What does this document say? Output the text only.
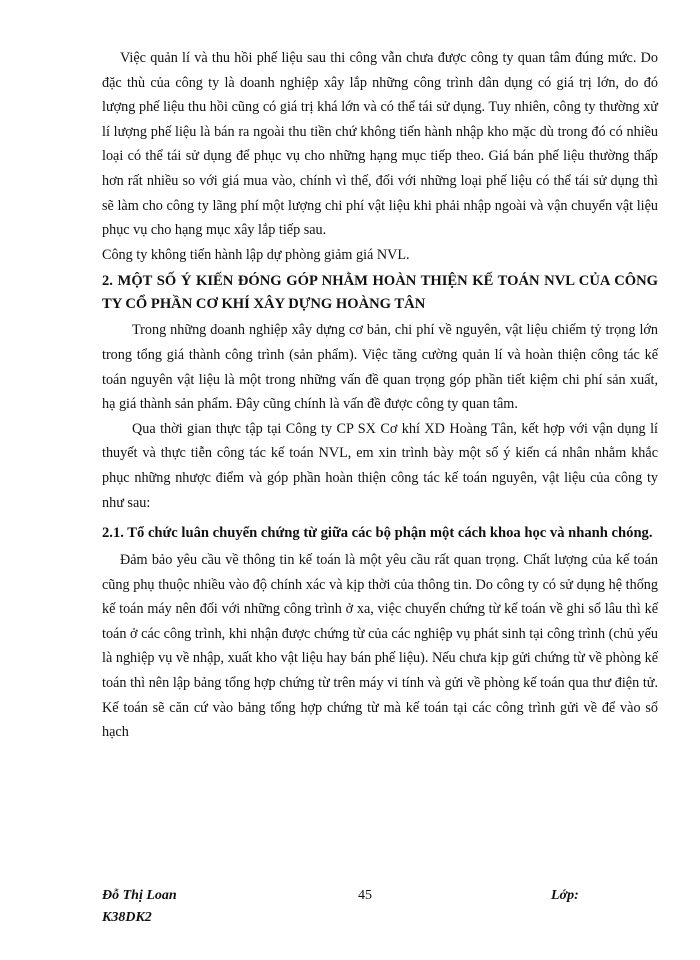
Việc quản lí và thu hồi phế liệu sau thi công vẫn chưa được công ty quan tâm đúng mức. Do đặc thù của công ty là doanh nghiệp xây lắp những công trình dân dụng có giá trị lớn, do đó lượng phế liệu thu hồi cũng có giá trị khá lớn và có thể tái sử dụng. Tuy nhiên, công ty thường xử lí lượng phế liệu là bán ra ngoài thu tiền chứ không tiến hành nhập kho mặc dù trong đó có nhiều loại có thể tái sử dụng để phục vụ cho những hạng mục tiếp theo. Giá bán phế liệu thường thấp hơn rất nhiều so với giá mua vào, chính vì thế, đối với những loại phế liệu có thể tái sử dụng thì sẽ làm cho công ty lãng phí một lượng chi phí vật liệu khi phải nhập ngoài và vận chuyển vật liệu phục vụ cho hạng mục xây lắp tiếp sau.

Công ty không tiến hành lập dự phòng giảm giá NVL.

2. MỘT SỐ Ý KIẾN ĐÓNG GÓP NHẰM HOÀN THIỆN KẾ TOÁN NVL CỦA CÔNG TY CỔ PHẦN CƠ KHÍ XÂY DỰNG HOÀNG TÂN

Trong những doanh nghiệp xây dựng cơ bản, chi phí về nguyên, vật liệu chiếm tỷ trọng lớn trong tổng giá thành công trình (sản phẩm). Việc tăng cường quản lí và hoàn thiện công tác kế toán nguyên vật liệu là một trong những vấn đề quan trọng góp phần tiết kiệm chi phí sản xuất, hạ giá thành sản phẩm. Đây cũng chính là vấn đề được công ty quan tâm.

Qua thời gian thực tập tại Công ty CP SX Cơ khí XD Hoàng Tân, kết hợp với vận dụng lí thuyết và thực tiễn công tác kế toán NVL, em xin trình bày một số ý kiến cá nhân nhằm khắc phục những nhược điểm và góp phần hoàn thiện công tác kế toán nguyên, vật liệu của công ty như sau:

2.1. Tổ chức luân chuyển chứng từ giữa các bộ phận một cách khoa học và nhanh chóng.

Đảm bảo yêu cầu về thông tin kế toán là một yêu cầu rất quan trọng. Chất lượng của kế toán cũng phụ thuộc nhiều vào độ chính xác và kịp thời của thông tin. Do công ty có sử dụng hệ thống kế toán máy nên đối với những công trình ở xa, việc chuyển chứng từ kế toán về ghi sổ lâu thì kế toán ở các công trình, khi nhận được chứng từ của các nghiệp vụ phát sinh tại công trình (chủ yếu là nghiệp vụ về nhập, xuất kho vật liệu hay bán phế liệu). Nếu chưa kịp gửi chứng từ về phòng kế toán thì nên lập bảng tổng hợp chứng từ trên máy vi tính và gửi về phòng kế toán qua thư điện tử. Kế toán sẽ căn cứ vào bảng tổng hợp chứng từ mà kế toán tại các công trình gửi về để vào sổ hạch

Đỗ Thị Loan	45	Lớp:
K38DK2
